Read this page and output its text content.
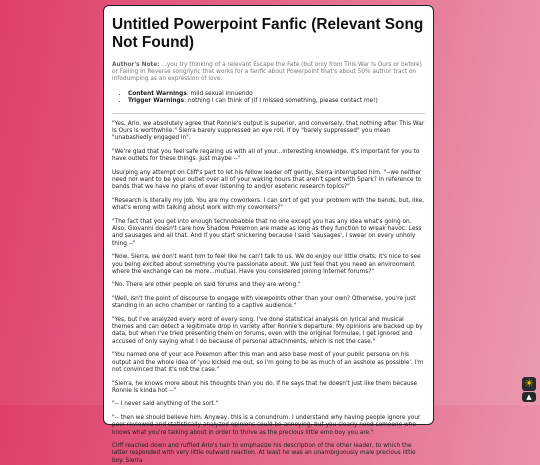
Untitled Powerpoint Fanfic (Relevant Song Not Found)

Author's Note: ...you try thinking of a relevant Escape the Fate (but only from This War Is Ours or before) or Falling In Reverse song/lyric that works for a fanfic about Powerpoint that's about 50% author tract on infodumping as an expression of love.

• Content Warnings: mild sexual innuendo
• Trigger Warnings: nothing I can think of (if I missed something, please contact me!)

"Yes, Arlo, we absolutely agree that Ronnie's output is superior, and conversely, that nothing after This War Is Ours is worthwhile." Sierra barely suppressed an eye roll, if by "barely suppressed" you mean "unabashedly engaged in".

"We're glad that you feel safe regaling us with all of your...interesting knowledge. It's important for you to have outlets for these things. Just maybe --"

Usurping any attempt on Cliff's part to let his fellow leader off gently, Sierra interrupted him. "--we neither need nor want to be your outlet over all of your waking hours that aren't spent with Spark? In reference to bands that we have no plans of ever listening to and/or esoteric research topics?"

"Research is literally my job. You are my coworkers. I can sort of get your problem with the bands, but, like, what's wrong with talking about work with my coworkers?"

"The fact that you get into enough technobabble that no one except you has any idea what's going on. Also, Giovanni doesn't care how Shadow Pokemon are made as long as they function to wreak havoc. Less and sausages and all that. And if you start snickering because I said 'sausages', I swear on every unholy thing --"

"Now, Sierra, we don't want him to feel like he can't talk to us. We do enjoy our little chats; it's nice to see you being excited about something you're passionate about. We just feel that you need an environment where the exchange can be more...mutual. Have you considered joining Internet forums?"

"No. There are other people on said forums and they are wrong."

"Well, isn't the point of discourse to engage with viewpoints other than your own? Otherwise, you're just standing in an echo chamber or ranting to a captive audience."

"Yes, but I've analyzed every word of every song. I've done statistical analysis on lyrical and musical themes and can detect a legitimate drop in variety after Ronnie's departure. My opinions are backed up by data, but when I've tried presenting them on forums, even with the original formulae, I get ignored and accused of only saying what I do because of personal attachments, which is not the case."

"You named one of your ace Pokemon after this man and also base most of your public persona on his output and the whole idea of 'you kicked me out, so I'm going to be as much of an asshole as possible'. I'm not convinced that it's not the case."

"Sierra, he knows more about his thoughts than you do. If he says that he doesn't just like them because Ronnie is kinda hot --"

"-- I never said anything of the sort."

"-- then we should believe him. Anyway, this is a conundrum. I understand why having people ignore your peer-reviewed and statistically analyzed opinions could be annoying, but you clearly need someone who knows what you're talking about in order to thrive as the precious little emo boy you are."

Cliff reached down and ruffled Arlo's hair to emphasize his description of the other leader, to which the latter responded with very little outward reaction. At least he was an unambiguously male precious little boy. Sierra

☀
▲
